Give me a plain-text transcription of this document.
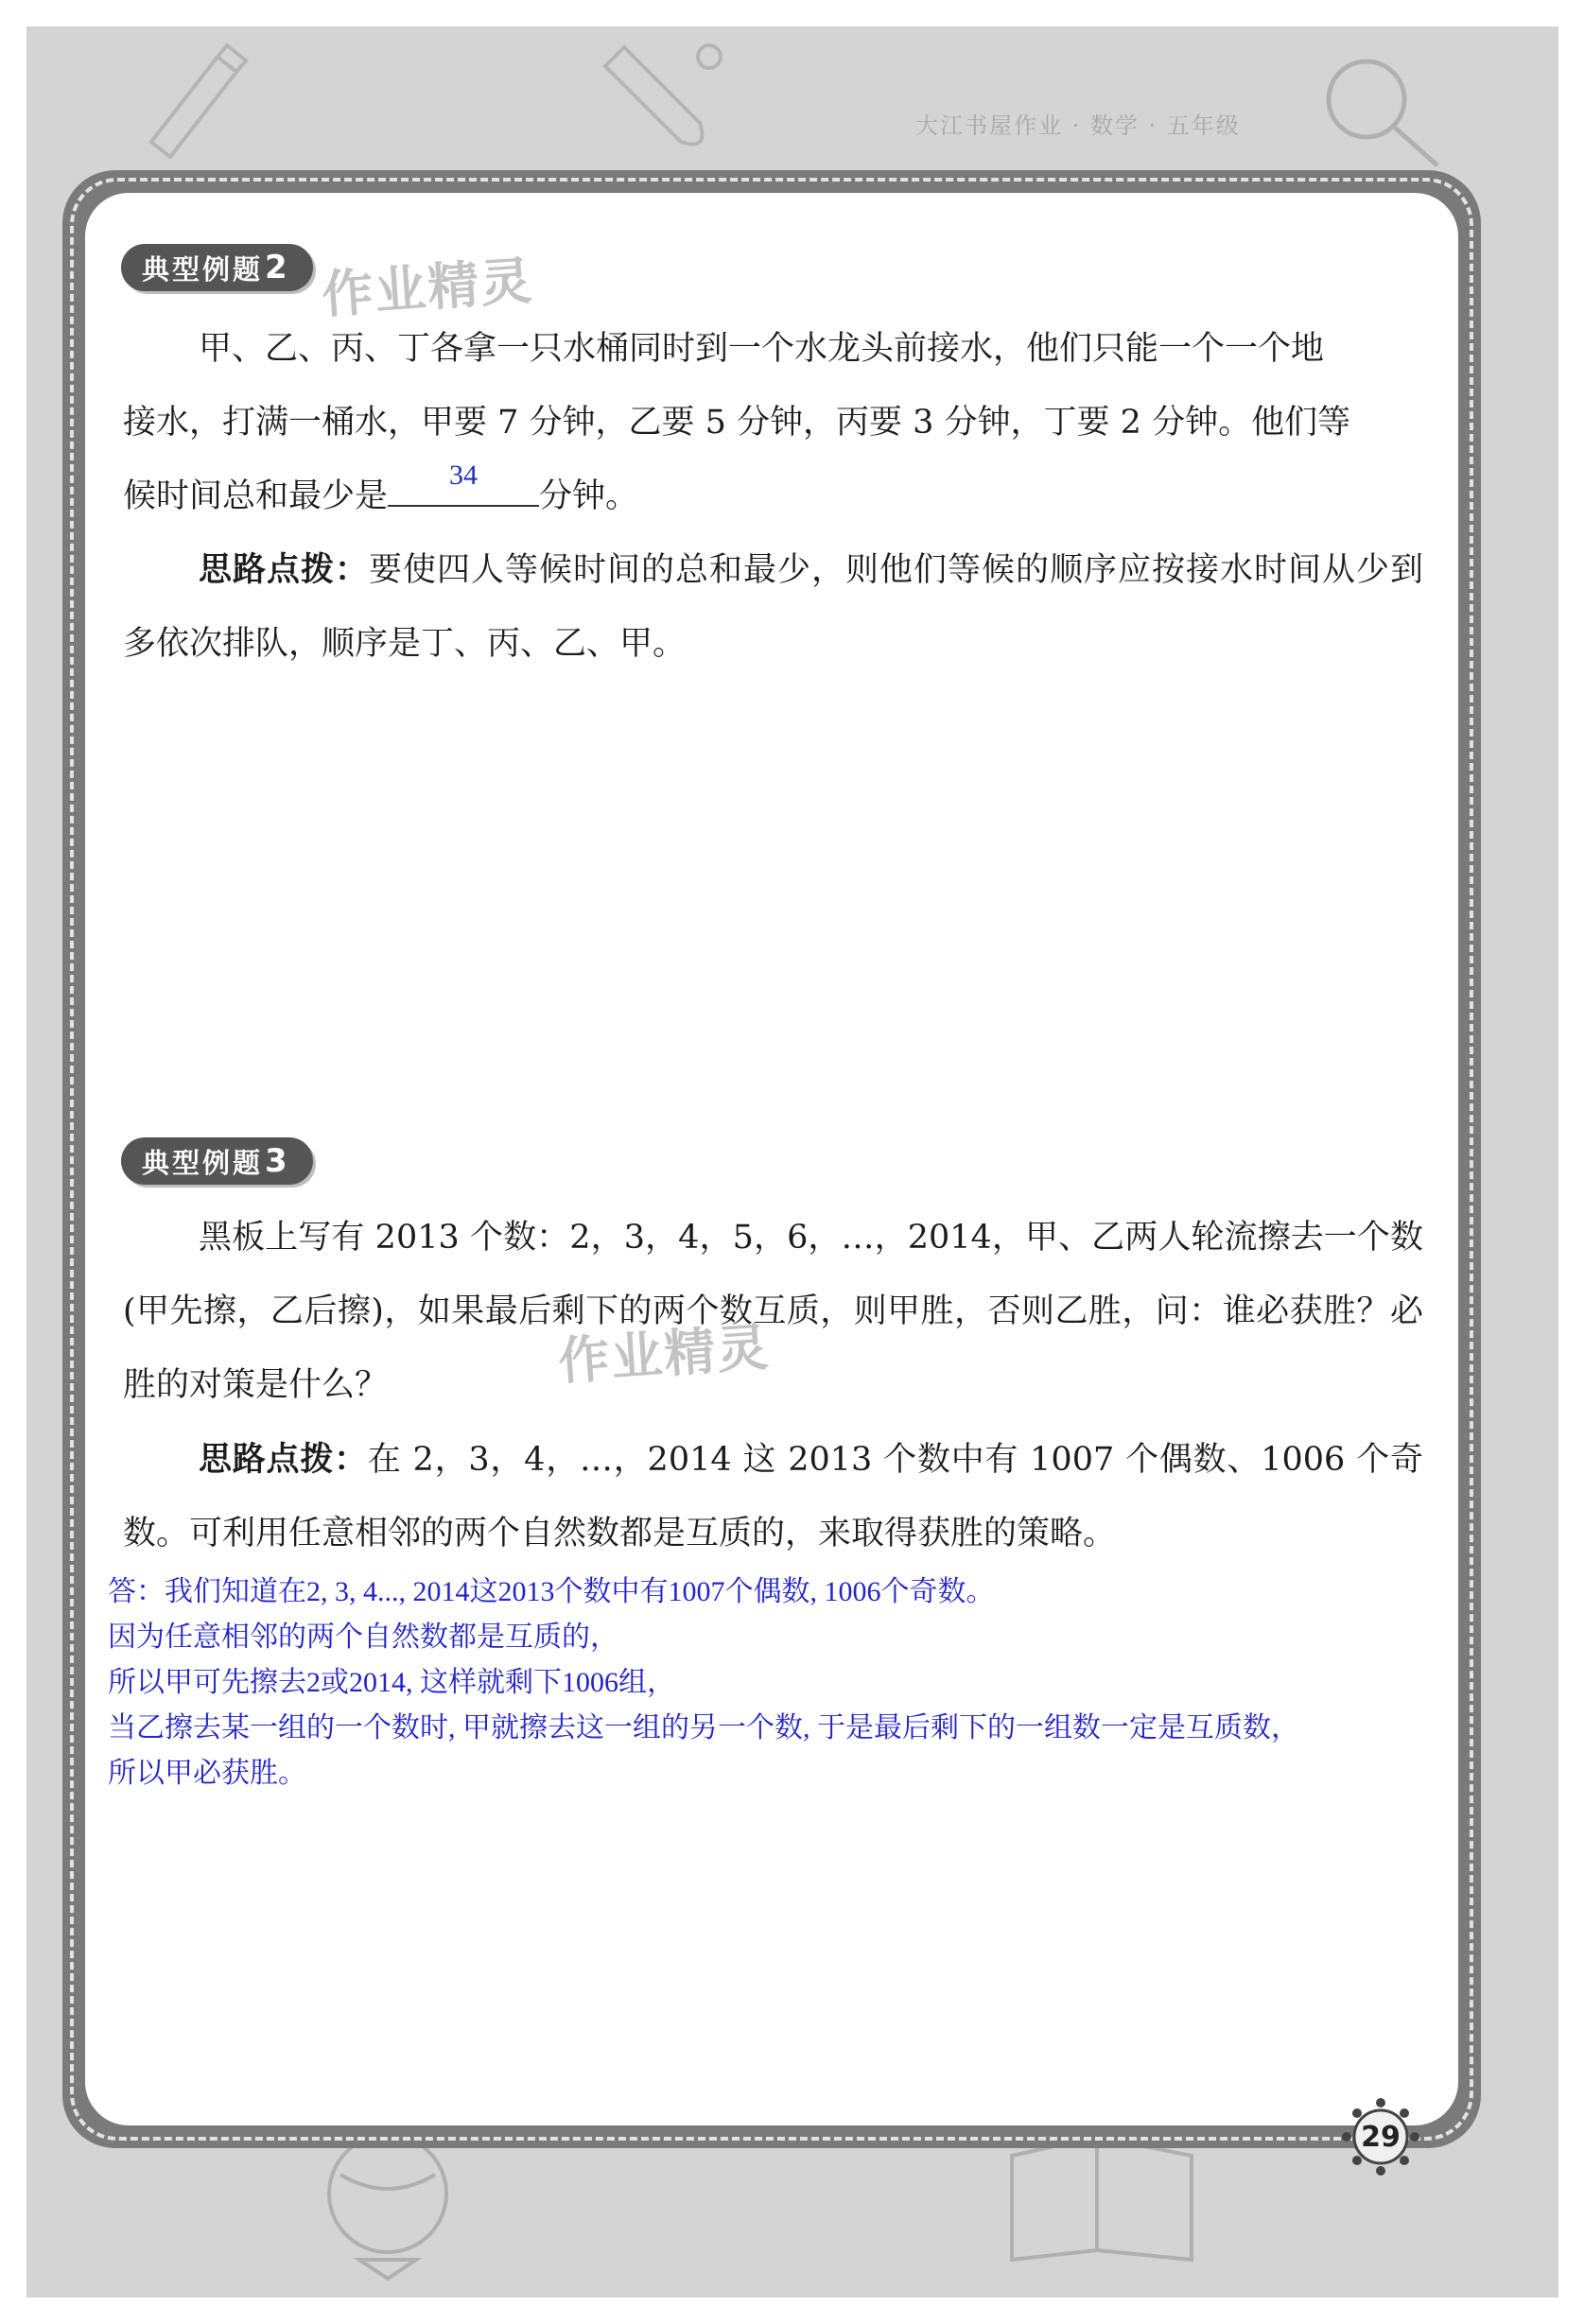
大江书屋作业 · 数学 · 五年级
典型例题 2 作业精灵
甲、乙、丙、丁各拿一只水桶同时到一个水龙头前接水，他们只能一个一个地
接水，打满一桶水，甲要 7 分钟，乙要 5 分钟，丙要 3 分钟，丁要 2 分钟。他们等
候时间总和最少是
34
分钟。

思路点拨：要使四人等候时间的总和最少，则他们等候的顺序应按接水时间从少到多依次排队，顺序是丁、丙、乙、甲。

典型例题 3

黑板上写有 2013 个数：2，3，4，5，6，…，2014，甲、乙两人轮流擦去一个数(甲先擦，乙后擦)，如果最后剩下的两个数互质，则甲胜，否则乙胜，问：谁必获胜？必胜的对策是什么？	作业精灵

思路点拨：在 2，3，4，…，2014 这 2013 个数中有 1007 个偶数、1006 个奇数。可利用任意相邻的两个自然数都是互质的，来取得获胜的策略。

答：我们知道在2, 3, 4..., 2014这2013个数中有1007个偶数, 1006个奇数。
因为任意相邻的两个自然数都是互质的，
所以甲可先擦去2或2014, 这样就剩下1006组，
当乙擦去某一组的一个数时, 甲就擦去这一组的另一个数, 于是最后剩下的一组数一定是互质数，
所以甲必获胜。
29
